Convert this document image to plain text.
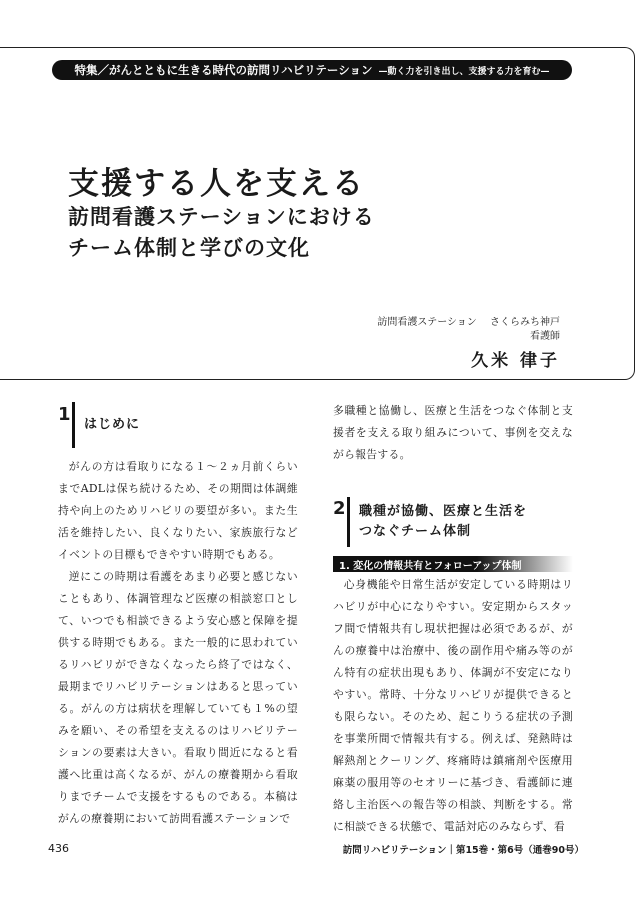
特集／がんとともに生きる時代の訪問リハビリテーション —動く力を引き出し、支援する力を育む—
支援する人を支える
訪問看護ステーションにおける
チーム体制と学びの文化
訪問看護ステーション さくらみち神戸
看護師
久米 律子
1 はじめに

がんの方は看取りになる１～２ヵ月前くらいまでADLは保ち続けるため、その期間は体調維持や向上のためリハビリの要望が多い。また生活を維持したい、良くなりたい、家族旅行などイベントの目標もできやすい時期でもある。

逆にこの時期は看護をあまり必要と感じないこともあり、体調管理など医療の相談窓口として、いつでも相談できるよう安心感と保障を提供する時期でもある。また一般的に思われているリハビリができなくなったら終了ではなく、最期までリハビリテーションはあると思っている。がんの方は病状を理解していても１%の望みを願い、その希望を支えるのはリハビリテーションの要素は大きい。看取り間近になると看護へ比重は高くなるが、がんの療養期から看取りまでチームで支援をするものである。本稿はがんの療養期において訪問看護ステーションで

多職種と協働し、医療と生活をつなぐ体制と支援者を支える取り組みについて、事例を交えながら報告する。

2 職種が協働、医療と生活を
つなぐチーム体制
1. 変化の情報共有とフォローアップ体制

心身機能や日常生活が安定している時期はリハビリが中心になりやすい。安定期からスタッフ間で情報共有し現状把握は必須であるが、がんの療養中は治療中、後の副作用や痛み等のがん特有の症状出現もあり、体調が不安定になりやすい。常時、十分なリハビリが提供できるとも限らない。そのため、起こりうる症状の予測を事業所間で情報共有する。例えば、発熱時は解熱剤とクーリング、疼痛時は鎮痛剤や医療用麻薬の服用等のセオリーに基づき、看護師に連絡し主治医への報告等の相談、判断をする。常に相談できる状態で、電話対応のみならず、看

436	訪問リハビリテーション｜第15巻・第6号（通巻90号）
